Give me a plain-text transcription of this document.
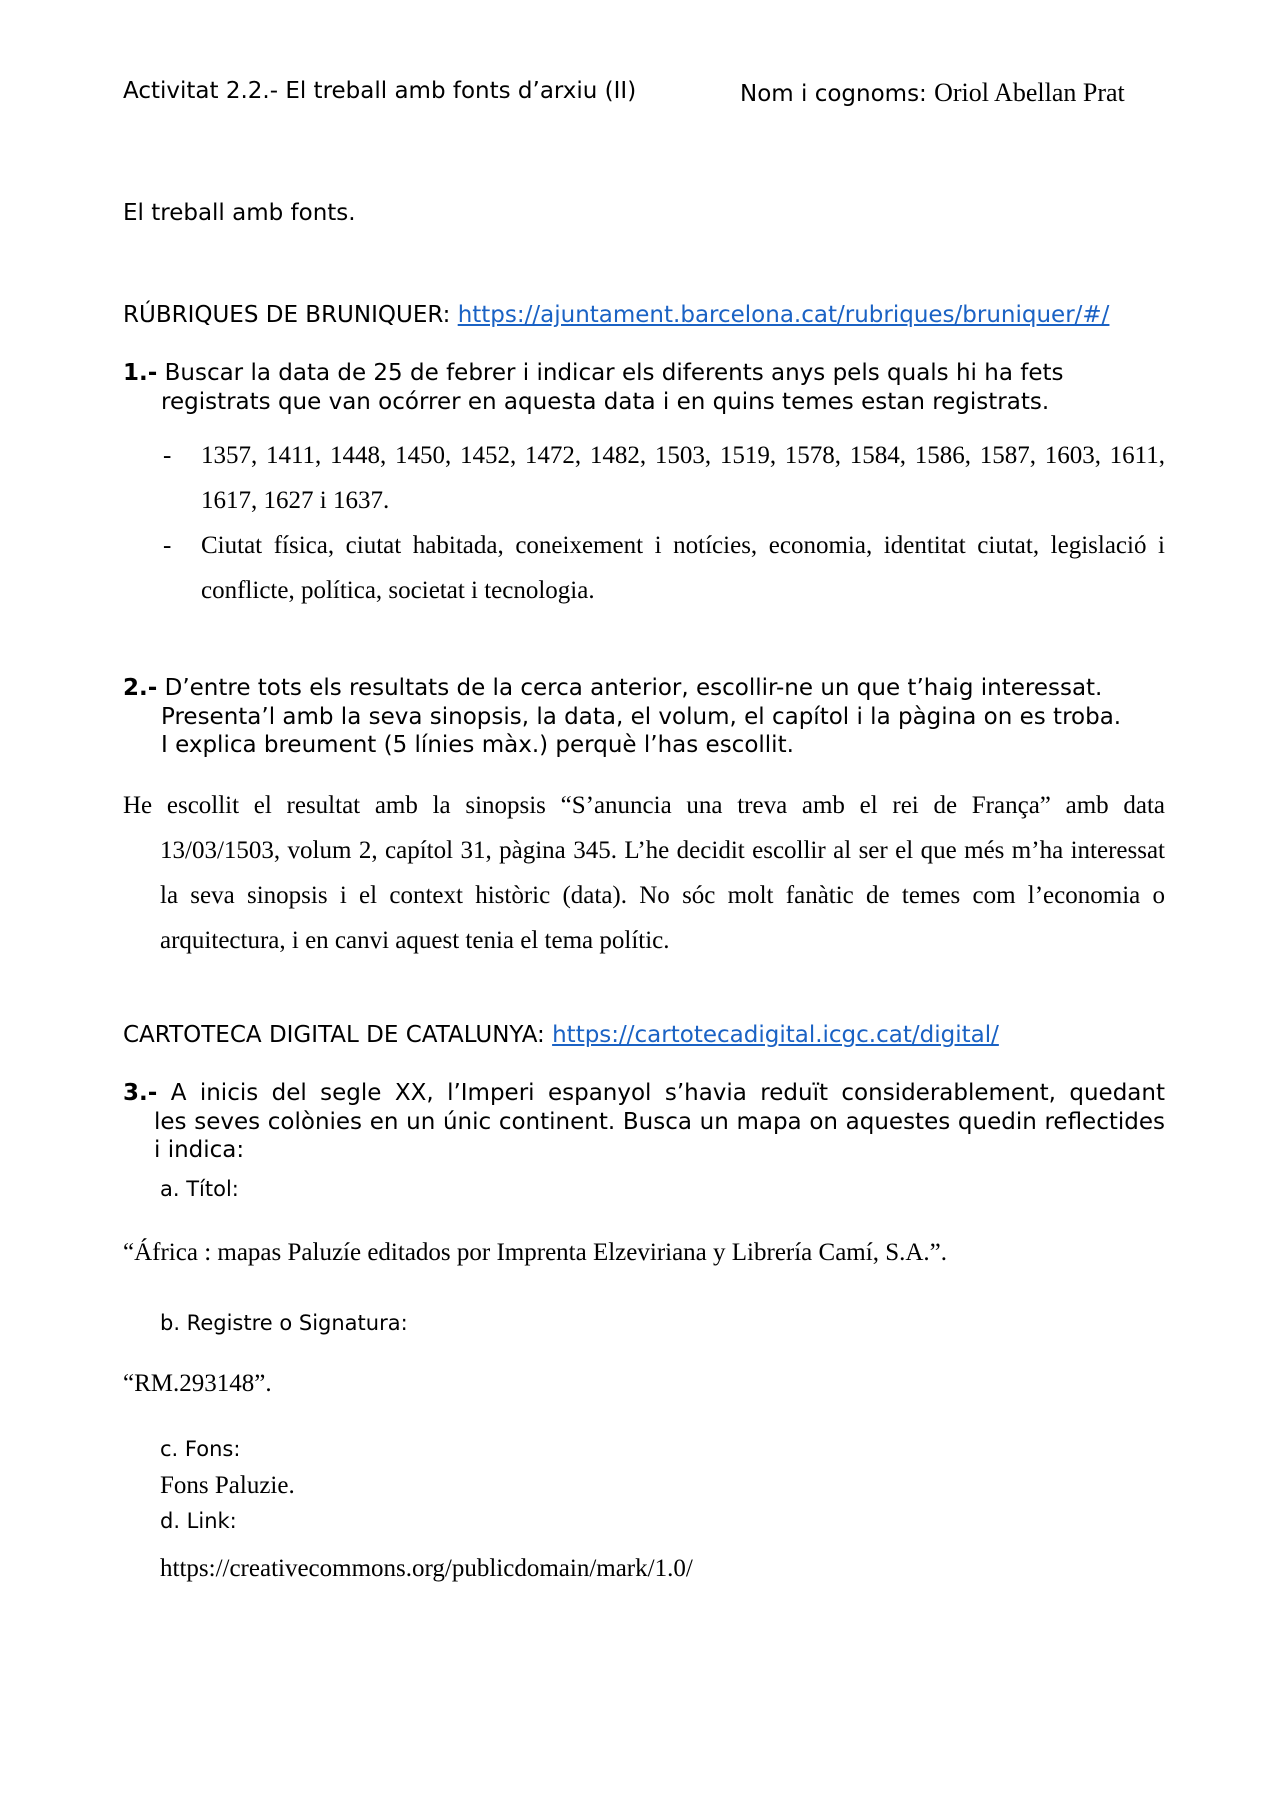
Activitat 2.2.- El treball amb fonts d’arxiu (II)	Nom i cognoms: Oriol Abellan Prat
El treball amb fonts.
RÚBRIQUES DE BRUNIQUER: https://ajuntament.barcelona.cat/rubriques/bruniquer/#/
1.- Buscar la data de 25 de febrer i indicar els diferents anys pels quals hi ha fets
registrats que van ocórrer en aquesta data i en quins temes estan registrats.
- 1357, 1411, 1448, 1450, 1452, 1472, 1482, 1503, 1519, 1578, 1584, 1586, 1587, 1603, 1611, 1617, 1627 i 1637.
- Ciutat física, ciutat habitada, coneixement i notícies, economia, identitat ciutat, legislació i conflicte, política, societat i tecnologia.
2.- D’entre tots els resultats de la cerca anterior, escollir-ne un que t’haig interessat.
Presenta’l amb la seva sinopsis, la data, el volum, el capítol i la pàgina on es troba.
I explica breument (5 línies màx.) perquè l’has escollit.
He escollit el resultat amb la sinopsis “S’anuncia una treva amb el rei de França” amb data
13/03/1503, volum 2, capítol 31, pàgina 345. L’he decidit escollir al ser el que més m’ha interessat la seva sinopsis i el context històric (data). No sóc molt fanàtic de temes com l’economia o arquitectura, i en canvi aquest tenia el tema polític.
CARTOTECA DIGITAL DE CATALUNYA: https://cartotecadigital.icgc.cat/digital/
3.- A inicis del segle XX, l’Imperi espanyol s’havia reduït considerablement, quedant
les seves colònies en un únic continent. Busca un mapa on aquestes quedin reflectides i indica:
a. Títol:
“África : mapas Paluzíe editados por Imprenta Elzeviriana y Librería Camí, S.A.”.
b. Registre o Signatura:
“RM.293148”.
c. Fons:
Fons Paluzie.
d. Link:
https://creativecommons.org/publicdomain/mark/1.0/
